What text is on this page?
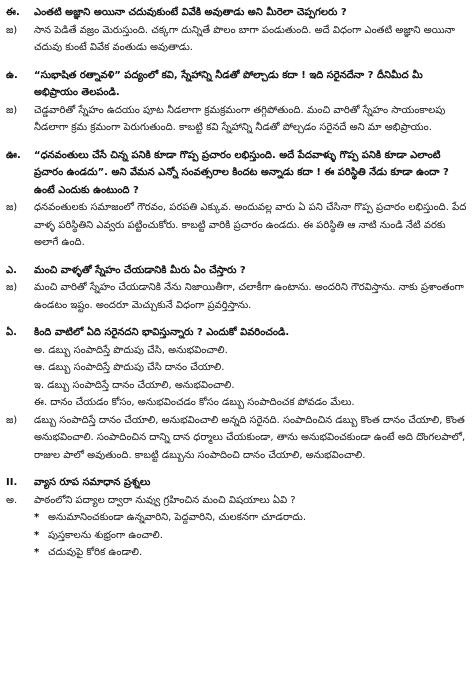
ఈ.	ఎంతటి అజ్ఞాని అయినా చదువుకుంటే వివేకి అవుతాడు అని మీరెలా చెప్పగలరు ?
జ)	సాన పెడితే వజ్రం మెరుస్తుంది. చక్కగా దున్నితే పొలం బాగా పండుతుంది. అదే విధంగా ఎంతటి అజ్ఞాని అయినా చదువు కుంటే వివేక వంతుడు అవుతాడు.
ఉ.	“సుభాషిత రత్నావళి” పద్యంలో కవి, స్నేహాన్ని నీడతో పోల్చాడు కదా ! ఇది సరైనదేనా ? దీనిమీద మీ అభిప్రాయం తెలపండి.
జ)	చెడ్డవారితో స్నేహం ఉదయం పూట నీడలాగా క్రమక్రమంగా తగ్గిపోతుంది. మంచి వారితో స్నేహం సాయంకాలపు నీడలాగా క్రమ క్రమంగా పెరుగుతుంది. కాబట్టి కవి స్నేహాన్ని నీడతో పోల్చడం సరైనదే అని మా అభిప్రాయం.
ఊ.	“ధనవంతులు చేసే చిన్న పనికి కూడా గొప్ప ప్రచారం లభిస్తుంది. అదే పేదవాళ్ళు గొప్ప పనికి కూడా ఎలాంటి ప్రచారం ఉండదు”. అని వేమన ఎన్నో సంవత్సరాల కిందట అన్నాడు కదా ! ఈ పరిస్థితి నేడు కూడా ఉందా ? ఉంటే ఎందుకు ఉంటుంది ?
జ)	ధనవంతులకు సమాజంలో గౌరవం, పరపతి ఎక్కువ. అందువల్ల వారు ఏ పని చేసినా గొప్ప ప్రచారం లభిస్తుంది. పేద వాళ్ళ పరిస్థితిని ఎవ్వరు పట్టించుకోరు. కాబట్టి వారికి ప్రచారం ఉండదు. ఈ పరిస్థితి ఆ నాటి నుండి నేటి వరకు అలాగే ఉంది.
ఎ.	మంచి వాళ్ళతో స్నేహం చేయడానికి మీరు ఏం చేస్తారు ?
జ)	మంచి వారితో స్నేహం చేయడానికి నేను నిజాయితీగా, చలాకీగా ఉంటాను. అందరిని గౌరవిస్తాను. నాకు ప్రశాంతంగా ఉండటం ఇష్టం. అందరూ మెచ్చుకునే విధంగా ప్రవర్తిస్తాను.
ఏ.	కింది వాటిలో ఏది సరైనదని భావిస్తున్నారు ? ఎందుకో వివరించండి.
అ. డబ్బు సంపాదిస్తే పొదుపు చేసి, అనుభవించాలి.
ఆ. డబ్బు సంపాదిస్తే పొదుపు చేసి దానం చేయాలి.
ఇ. డబ్బు సంపాదిస్తే దానం చేయాలి, అనుభవించాలి.
ఈ. దానం చేయడం కోసం, అనుభవించడం కోసం డబ్బు సంపాదించక పోవడం మేలు.
జ)	డబ్బు సంపాదిస్తే దానం చేయాలి, అనుభవించాలి అన్నది సరైనది. సంపాదించిన డబ్బు కొంత దానం చేయాలి, కొంత అనుభవించాలి. సంపాదించిన దాన్ని దాన ధర్మాలు చేయకుండా, తాను అనుభవించకుండా ఉంటే అది దొంగలపాలో, రాజుల పాలో అవుతుంది. కాబట్టి డబ్బును సంపాదించి దానం చేయాలి, అనుభవించాలి.
II.	వ్యాస రూప సమాధాన ప్రశ్నలు
అ.	పాఠంలోని పద్యాల ద్వారా నువ్వు గ్రహించిన మంచి విషయాలు ఏవి ?
* అనుమానించకుండా ఉన్నవారిని, పెద్దవారిని, చులకనగా చూడరాదు.
* పుస్తకాలను శుభ్రంగా ఉంచాలి.
* చదువుపై కోరిక ఉండాలి.
